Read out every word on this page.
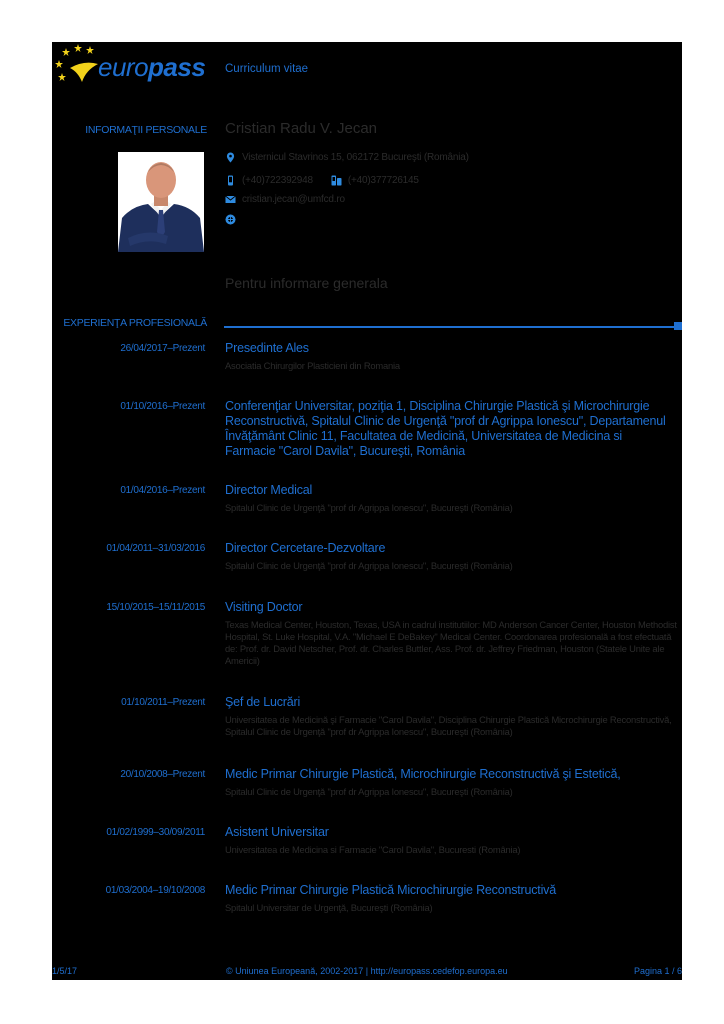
europass Curriculum vitae
INFORMAŢII PERSONALE Cristian Radu V. Jecan
Visternicul Stavrinos 15, 062172 Bucureşti (România)
(+40)722392948	(+40)377726145
cristian.jecan@umfcd.ro
Pentru informare generala
EXPERIENŢA PROFESIONALĂ
26/04/2017–Prezent Presedinte Ales
Asociatia Chirurgilor Plasticieni din Romania
01/10/2016–Prezent Conferenţiar Universitar, poziţia 1, Disciplina Chirurgie Plastică şi Microchirurgie Reconstructivă, Spitalul Clinic de Urgenţă "prof dr Agrippa Ionescu", Departamenul Învăţământ Clinic 11, Facultatea de Medicină, Universitatea de Medicina si Farmacie "Carol Davila", Bucureşti, România
01/04/2016–Prezent Director Medical
Spitalul Clinic de Urgenţă "prof dr Agrippa Ionescu", Bucureşti (România)
01/04/2011–31/03/2016 Director Cercetare-Dezvoltare
Spitalul Clinic de Urgenţă "prof dr Agrippa Ionescu", Bucureşti (România)
15/10/2015–15/11/2015 Visiting Doctor
Texas Medical Center, Houston, Texas, USA in cadrul institutiilor: MD Anderson Cancer Center, Houston Methodist Hospital, St. Luke Hospital, V.A. "Michael E DeBakey" Medical Center. Coordonarea profesională a fost efectuată de: Prof. dr. David Netscher, Prof. dr. Charles Buttler, Ass. Prof. dr. Jeffrey Friedman, Houston (Statele Unite ale Americii)
01/10/2011–Prezent Şef de Lucrări
Universitatea de Medicină şi Farmacie "Carol Davila", Disciplina Chirurgie Plastică Microchirurgie Reconstructivă, Spitalul Clinic de Urgenţă "prof dr Agrippa Ionescu", Bucureşti (România)
20/10/2008–Prezent Medic Primar Chirurgie Plastică, Microchirurgie Reconstructivă şi Estetică,
Spitalul Clinic de Urgenţă "prof dr Agrippa Ionescu", Bucureşti (România)
01/02/1999–30/09/2011 Asistent Universitar
Universitatea de Medicina si Farmacie "Carol Davila", Bucuresti (România)
01/03/2004–19/10/2008 Medic Primar Chirurgie Plastică Microchirurgie Reconstructivă
Spitalul Universitar de Urgenţă, Bucureşti (România)
1/5/17	© Uniunea Europeană, 2002-2017 | http://europass.cedefop.europa.eu	Pagina 1 / 6
